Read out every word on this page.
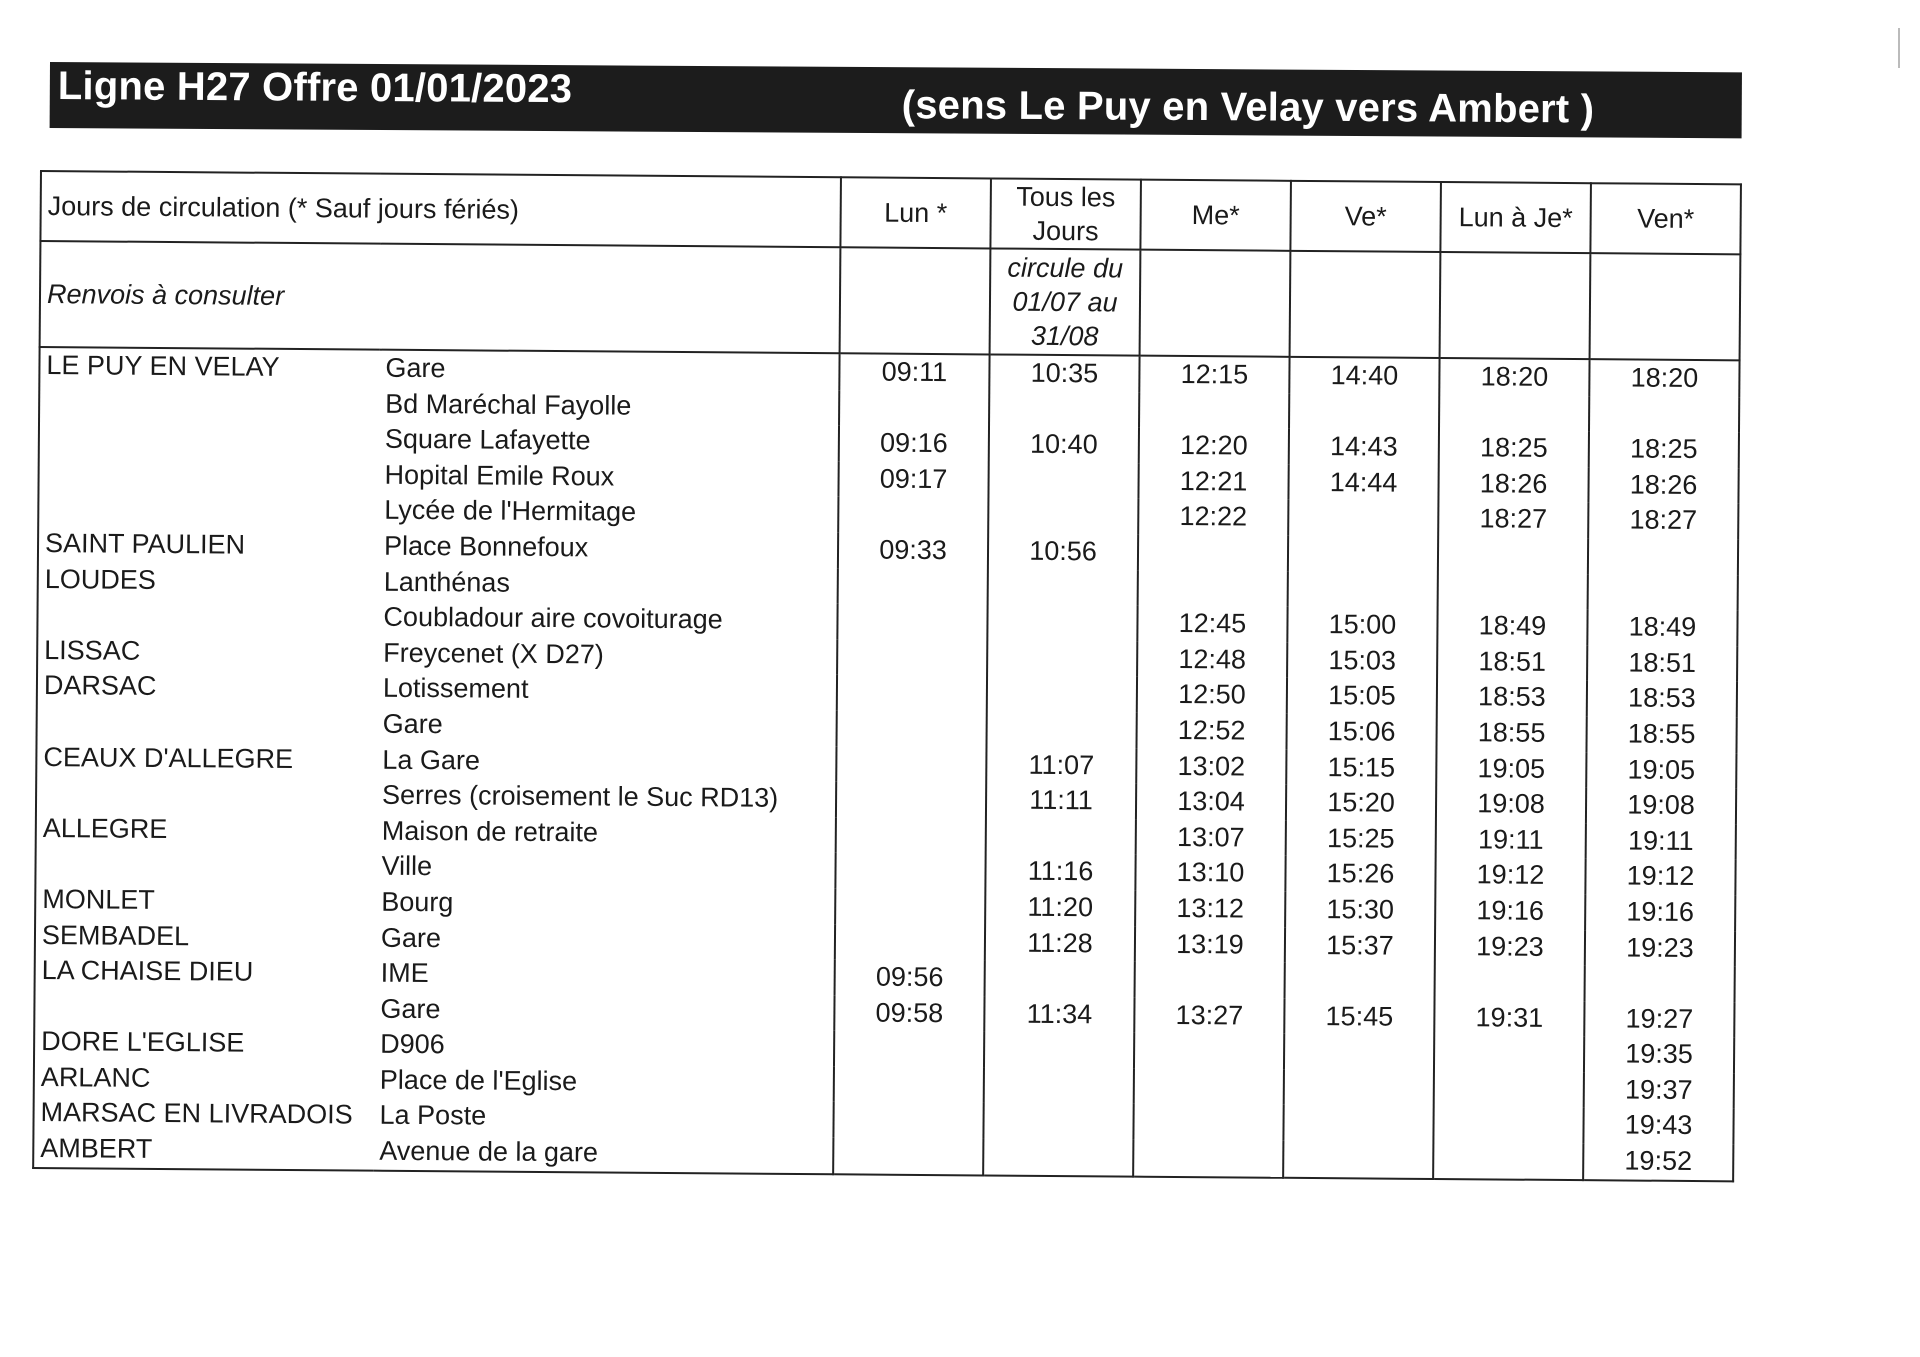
Ligne H27 Offre 01/01/2023	(sens Le Puy en Velay vers Ambert )
Jours de circulation (* Sauf jours fériés)		Lun *	Tous les Jours	Me*	Ve*	Lun à Je*	Ven*
Renvois à consulter			circule du 01/07 au 31/08				
LE PUY EN VELAY	Gare	09:11	10:35	12:15	14:40	18:20	18:20
	Bd Maréchal Fayolle						
	Square Lafayette	09:16	10:40	12:20	14:43	18:25	18:25
	Hopital Emile Roux	09:17		12:21	14:44	18:26	18:26
	Lycée de l'Hermitage			12:22		18:27	18:27
SAINT PAULIEN	Place Bonnefoux	09:33	10:56				
LOUDES	Lanthénas						
	Coubladour aire covoiturage			12:45	15:00	18:49	18:49
LISSAC	Freycenet (X D27)			12:48	15:03	18:51	18:51
DARSAC	Lotissement			12:50	15:05	18:53	18:53
	Gare			12:52	15:06	18:55	18:55
CEAUX D'ALLEGRE	La Gare		11:07	13:02	15:15	19:05	19:05
	Serres (croisement le Suc RD13)		11:11	13:04	15:20	19:08	19:08
ALLEGRE	Maison de retraite			13:07	15:25	19:11	19:11
	Ville		11:16	13:10	15:26	19:12	19:12
MONLET	Bourg		11:20	13:12	15:30	19:16	19:16
SEMBADEL	Gare		11:28	13:19	15:37	19:23	19:23
LA CHAISE DIEU	IME	09:56					
	Gare	09:58	11:34	13:27	15:45	19:31	19:27
DORE L'EGLISE	D906						19:35
ARLANC	Place de l'Eglise						19:37
MARSAC EN LIVRADOIS	La Poste						19:43
AMBERT	Avenue de la gare						19:52
